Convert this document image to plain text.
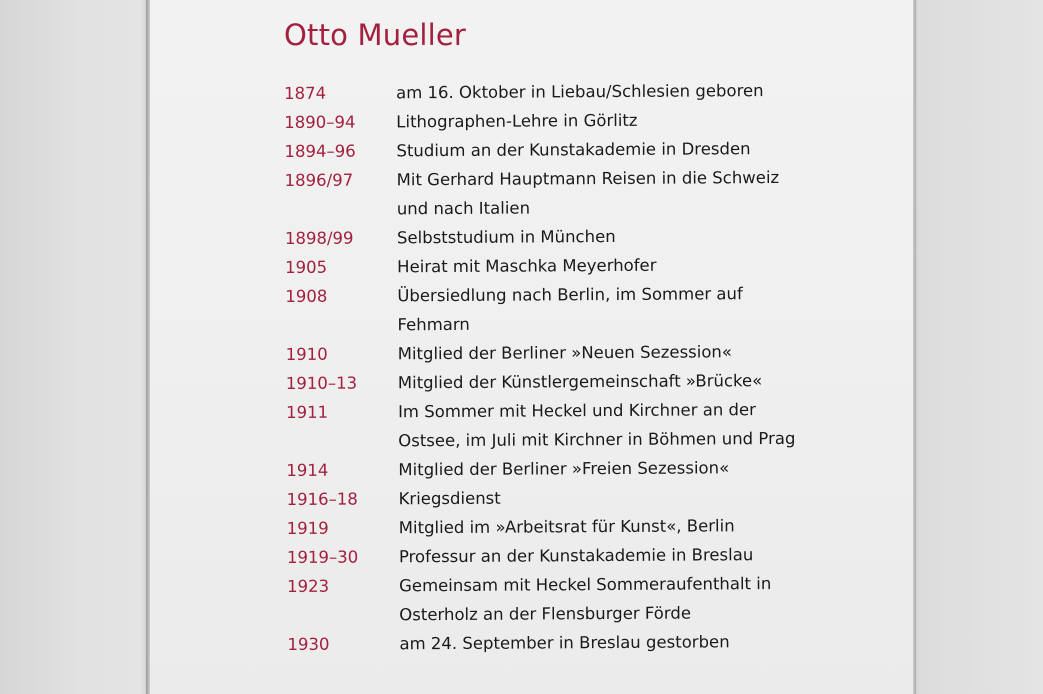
Otto Mueller
1874	am 16. Oktober in Liebau/Schlesien geboren
1890–94	Lithographen-Lehre in Görlitz
1894–96	Studium an der Kunstakademie in Dresden
1896/97	Mit Gerhard Hauptmann Reisen in die Schweiz
und nach Italien
1898/99	Selbststudium in München
1905	Heirat mit Maschka Meyerhofer
1908	Übersiedlung nach Berlin, im Sommer auf
Fehmarn
1910	Mitglied der Berliner »Neuen Sezession«
1910–13	Mitglied der Künstlergemeinschaft »Brücke«
1911	Im Sommer mit Heckel und Kirchner an der
Ostsee, im Juli mit Kirchner in Böhmen und Prag
1914	Mitglied der Berliner »Freien Sezession«
1916–18	Kriegsdienst
1919	Mitglied im »Arbeitsrat für Kunst«, Berlin
1919–30	Professur an der Kunstakademie in Breslau
1923	Gemeinsam mit Heckel Sommeraufenthalt in
Osterholz an der Flensburger Förde
1930	am 24. September in Breslau gestorben
